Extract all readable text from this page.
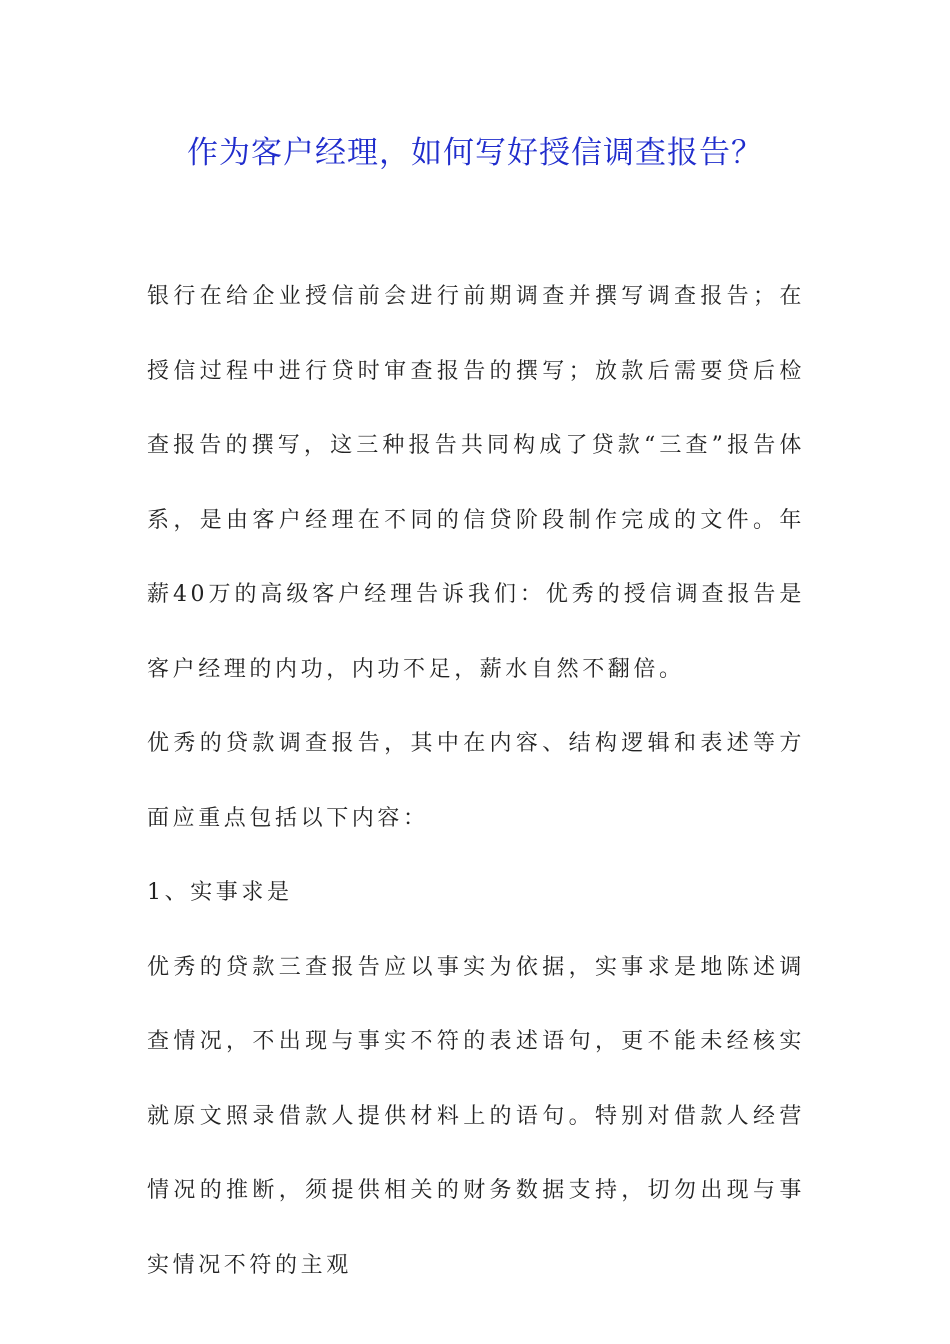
作为客户经理，如何写好授信调查报告？

银行在给企业授信前会进行前期调查并撰写调查报告；在授信过程中进行贷时审查报告的撰写；放款后需要贷后检查报告的撰写，这三种报告共同构成了贷款“三查”报告体系，是由客户经理在不同的信贷阶段制作完成的文件。年薪40万的高级客户经理告诉我们：优秀的授信调查报告是客户经理的内功，内功不足，薪水自然不翻倍。

优秀的贷款调查报告，其中在内容、结构逻辑和表述等方面应重点包括以下内容：

1、实事求是

优秀的贷款三查报告应以事实为依据，实事求是地陈述调查情况，不出现与事实不符的表述语句，更不能未经核实就原文照录借款人提供材料上的语句。特别对借款人经营情况的推断，须提供相关的财务数据支持，切勿出现与事实情况不符的主观
